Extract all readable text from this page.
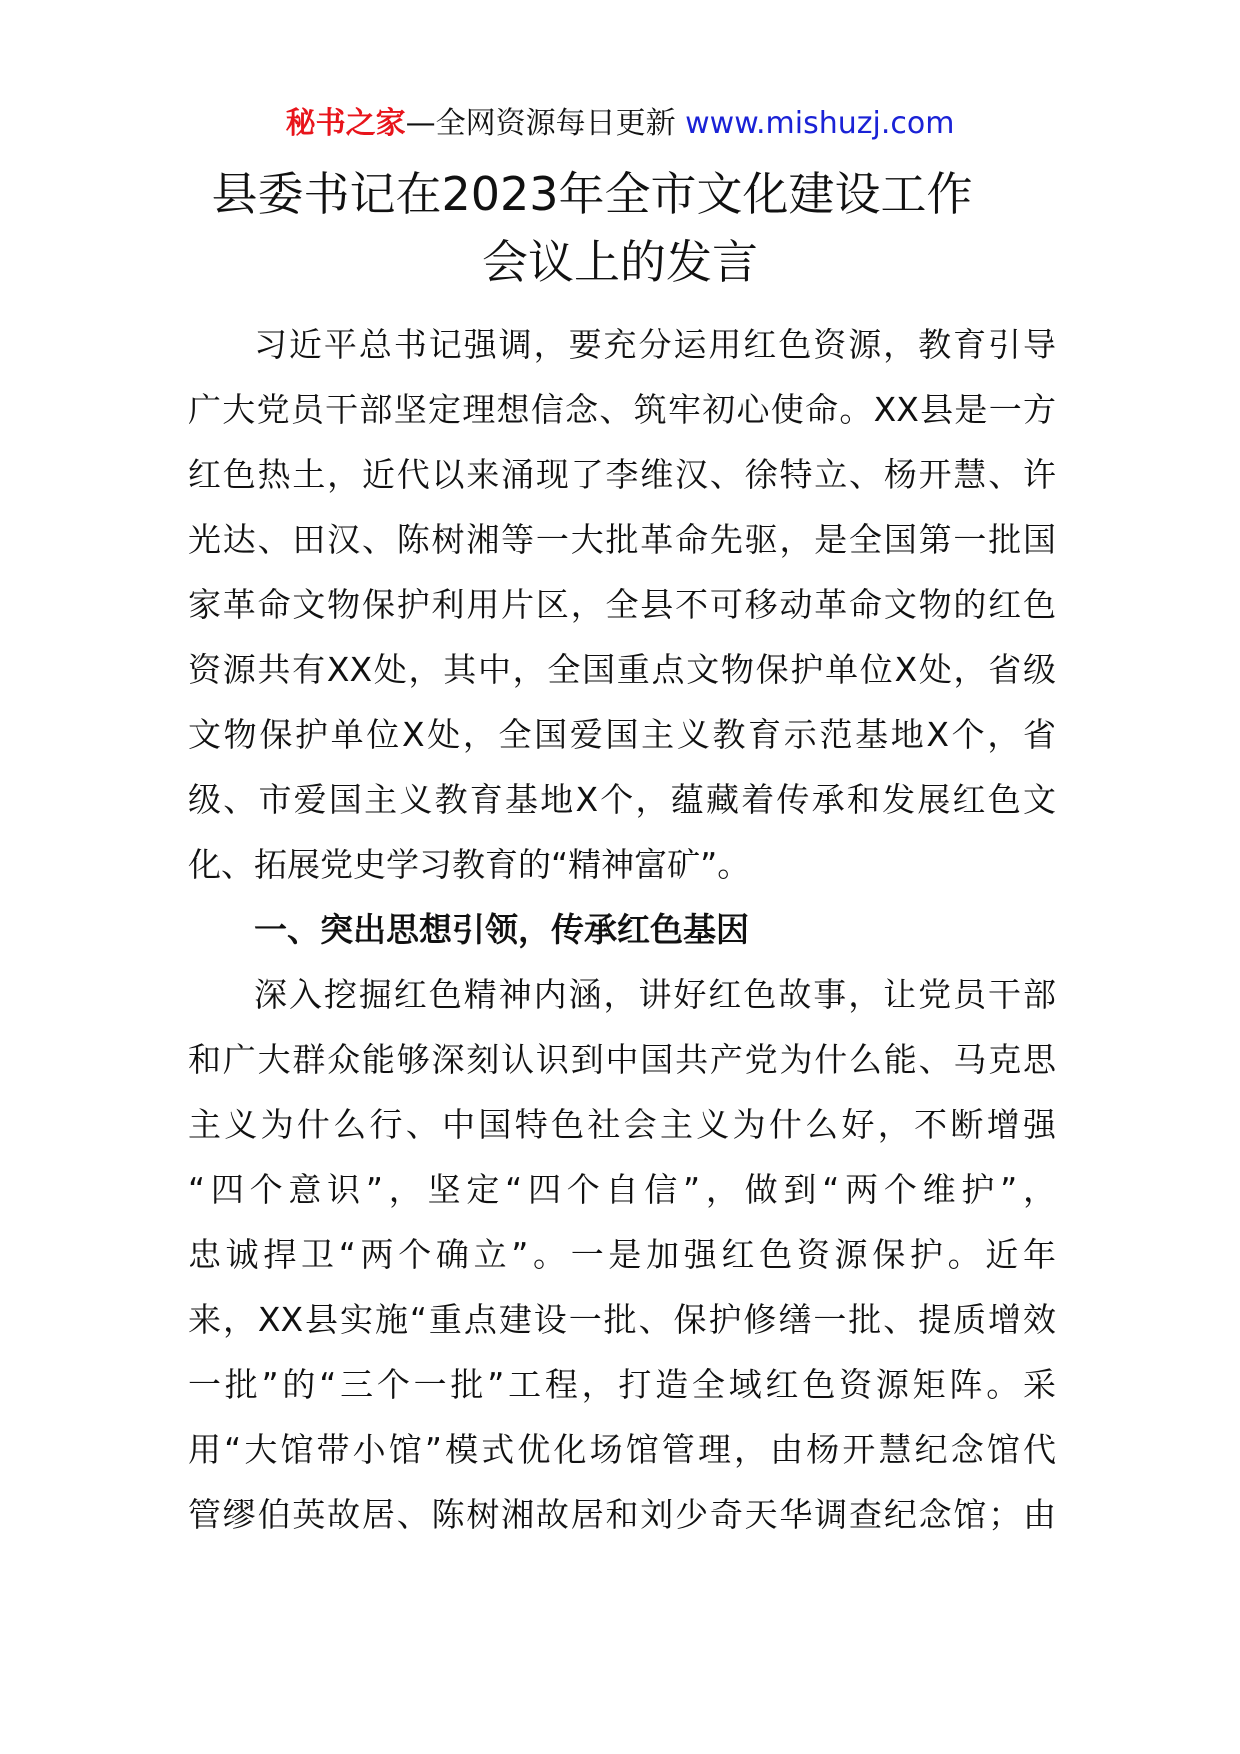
秘书之家—全网资源每日更新 www.mishuzj.com
县委书记在2023年全市文化建设工作
会议上的发言
习近平总书记强调，要充分运用红色资源，教育引导
广大党员干部坚定理想信念、筑牢初心使命。XX县是一方
红色热土，近代以来涌现了李维汉、徐特立、杨开慧、许
光达、田汉、陈树湘等一大批革命先驱，是全国第一批国
家革命文物保护利用片区，全县不可移动革命文物的红色
资源共有XX处，其中，全国重点文物保护单位X处，省级
文物保护单位X处，全国爱国主义教育示范基地X个，省
级、市爱国主义教育基地X个，蕴藏着传承和发展红色文
化、拓展党史学习教育的“精神富矿”。
一、突出思想引领，传承红色基因
深入挖掘红色精神内涵，讲好红色故事，让党员干部
和广大群众能够深刻认识到中国共产党为什么能、马克思
主义为什么行、中国特色社会主义为什么好，不断增强
“四个意识”，坚定“四个自信”，做到“两个维护”，
忠诚捍卫“两个确立”。一是加强红色资源保护。近年
来，XX县实施“重点建设一批、保护修缮一批、提质增效
一批”的“三个一批”工程，打造全域红色资源矩阵。采
用“大馆带小馆”模式优化场馆管理，由杨开慧纪念馆代
管缪伯英故居、陈树湘故居和刘少奇天华调查纪念馆；由
